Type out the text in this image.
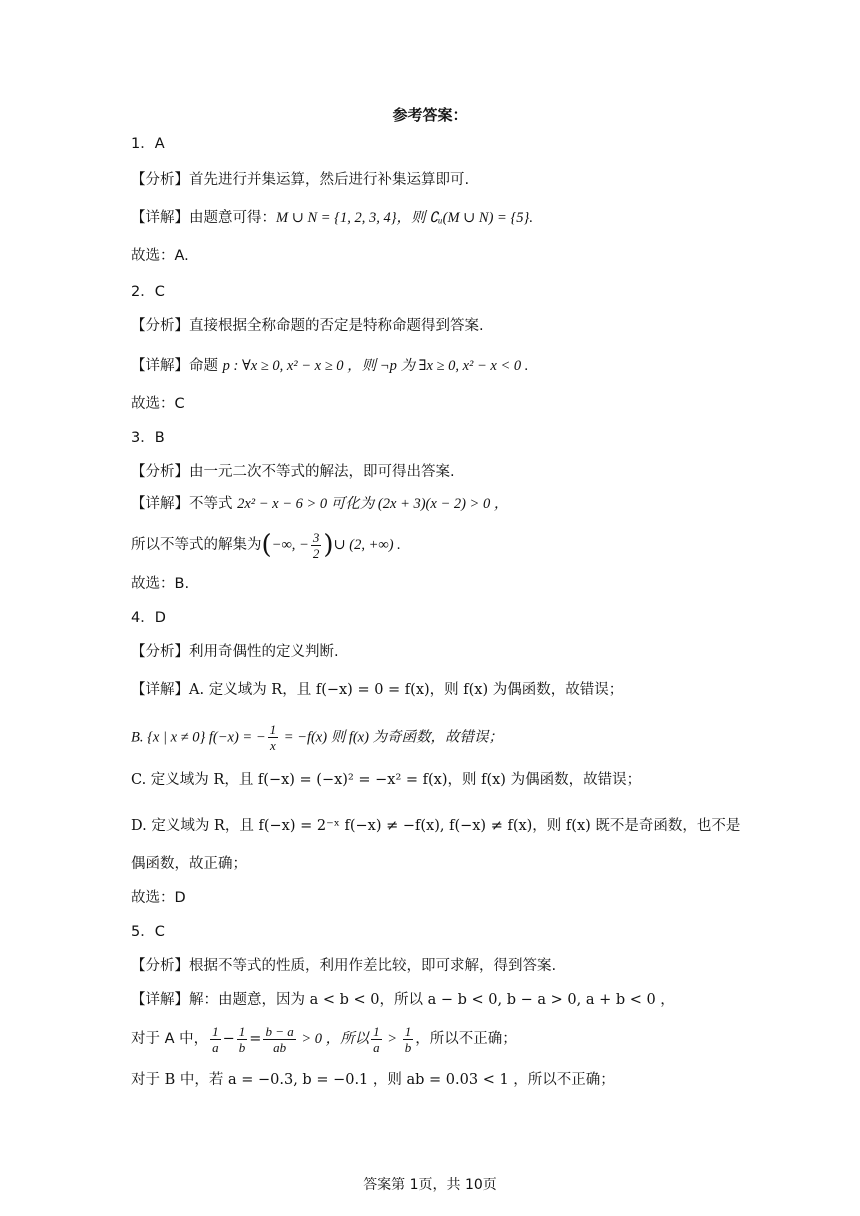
参考答案：
1．A
【分析】首先进行并集运算，然后进行补集运算即可.
【详解】由题意可得：M ∪ N = {1, 2, 3, 4}，则 ∁ᵤ(M ∪ N) = {5}.
故选：A.
2．C
【分析】直接根据全称命题的否定是特称命题得到答案.
【详解】命题 p : ∀x ≥ 0, x² − x ≥ 0 ，则 ¬p 为 ∃x ≥ 0, x² − x < 0 .
故选：C
3．B
【分析】由一元二次不等式的解法，即可得出答案.
【详解】不等式 2x² − x − 6 > 0 可化为 (2x + 3)(x − 2) > 0 ，
所以不等式的解集为(−∞, − $\frac{3}{2}$ )∪ (2, +∞) .
故选：B.
4．D
【分析】利用奇偶性的定义判断.
【详解】A. 定义域为 R，且 f(−x) = 0 = f(x)，则 f(x) 为偶函数，故错误；
B. {x | x ≠ 0} f(−x) = − $\frac{1}{x} = -f(x)$ 则 f(x) 为奇函数，故错误；
C. 定义域为 R，且 f(−x) = (−x)² = −x² = f(x)，则 f(x) 为偶函数，故错误；
D. 定义域为 R，且 f(−x) = 2⁻ˣ f(−x) ≠ −f(x), f(−x) ≠ f(x)，则 f(x) 既不是奇函数，也不是
偶函数，故正确；
故选：D
5．C
【分析】根据不等式的性质，利用作差比较，即可求解，得到答案.
【详解】解：由题意，因为 a < b < 0，所以 a − b < 0, b − a > 0, a + b < 0 ，
对于 A 中， $\frac{1}{a} - \frac{1}{b} = \frac{b - a}{ab} > 0$ ，所以 $\frac{1}{a} > \frac{1}{b}$ ，所以不正确；
对于 B 中，若 a = −0.3, b = −0.1 ，则 ab = 0.03 < 1 ，所以不正确；
答案第 1页，共 10页
